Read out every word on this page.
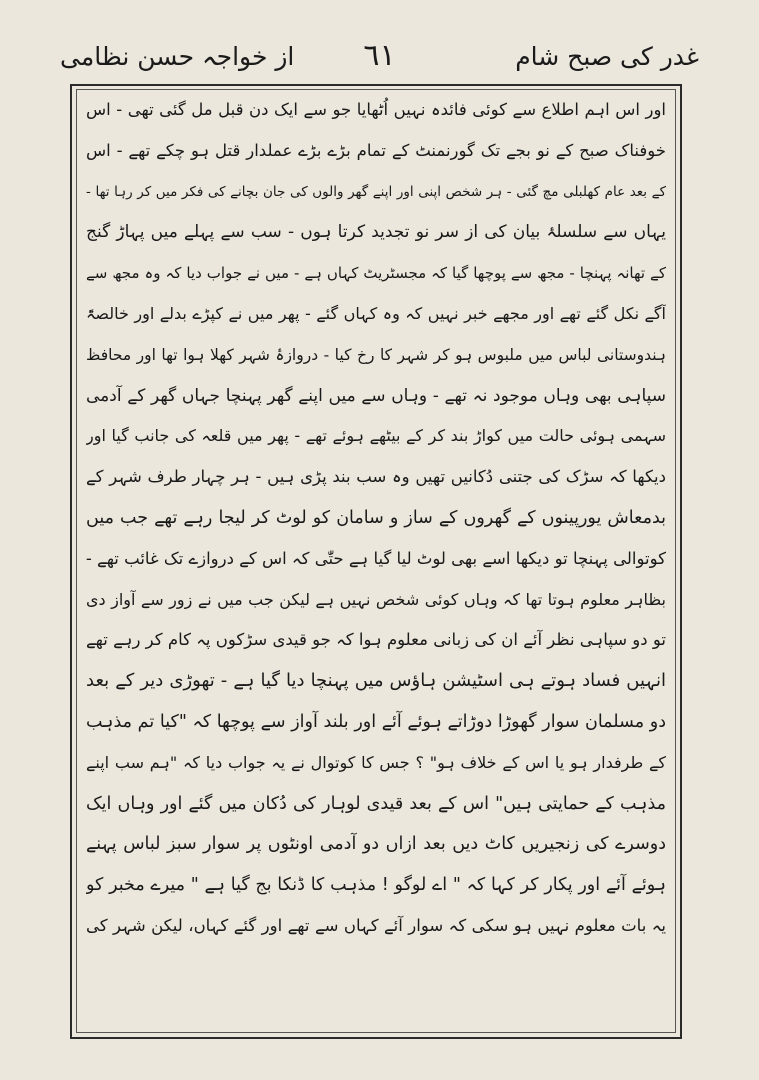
از خواجہ حسن نظامی ٦١	غدر کی صبح شام
اور اس اہم اطلاع سے کوئی فائدہ نہیں اُٹھایا جو سے ایک دن قبل مل گئی تھی - اس
خوفناک صبح کے نو بجے تک گورنمنٹ کے تمام بڑے بڑے عملدار قتل ہو چکے تھے - اس
کے بعد عام کھلبلی مچ گئی - ہر شخص اپنی اور اپنے گھر والوں کی جان بچانے کی فکر میں کر رہا تھا -
یہاں سے سلسلۂ بیان کی از سر نو تجدید کرتا ہوں - سب سے پہلے میں پہاڑ گنج
کے تھانہ پہنچا - مجھ سے پوچھا گیا کہ مجسٹریٹ کہاں ہے - میں نے جواب دیا کہ وہ مجھ سے
آگے نکل گئے تھے اور مجھے خبر نہیں کہ وہ کہاں گئے - پھر میں نے کپڑے بدلے اور خالصۃً
ہندوستانی لباس میں ملبوس ہو کر شہر کا رخ کیا - دروازۂ شہر کھلا ہوا تھا اور محافظ
سپاہی بھی وہاں موجود نہ تھے - وہاں سے میں اپنے گھر پہنچا جہاں گھر کے آدمی
سہمی ہوئی حالت میں کواڑ بند کر کے بیٹھے ہوئے تھے - پھر میں قلعہ کی جانب گیا اور
دیکھا کہ سڑک کی جتنی دُکانیں تھیں وہ سب بند پڑی ہیں - ہر چہار طرف شہر کے
بدمعاش یورپینوں کے گھروں کے ساز و سامان کو لوٹ کر لیجا رہے تھے جب میں
کوتوالی پہنچا تو دیکھا اسے بھی لوٹ لیا گیا ہے حتّٰی کہ اس کے دروازے تک غائب تھے -
بظاہر معلوم ہوتا تھا کہ وہاں کوئی شخص نہیں ہے لیکن جب میں نے زور سے آواز دی
تو دو سپاہی نظر آئے ان کی زبانی معلوم ہوا کہ جو قیدی سڑکوں پہ کام کر رہے تھے
انہیں فساد ہوتے ہی اسٹیشن ہاؤس میں پہنچا دیا گیا ہے - تھوڑی دیر کے بعد
دو مسلمان سوار گھوڑا دوڑاتے ہوئے آئے اور بلند آواز سے پوچھا کہ "کیا تم مذہب
کے طرفدار ہو یا اس کے خلاف ہو" ؟ جس کا کوتوال نے یہ جواب دیا کہ "ہم سب اپنے
مذہب کے حمایتی ہیں" اس کے بعد قیدی لوہار کی دُکان میں گئے اور وہاں ایک
دوسرے کی زنجیریں کاٹ دیں بعد ازاں دو آدمی اونٹوں پر سوار سبز لباس پہنے
ہوئے آئے اور پکار کر کہا کہ " اے لوگو ! مذہب کا ڈنکا بج گیا ہے " میرے مخبر کو
یہ بات معلوم نہیں ہو سکی کہ سوار آئے کہاں سے تھے اور گئے کہاں، لیکن شہر کی
